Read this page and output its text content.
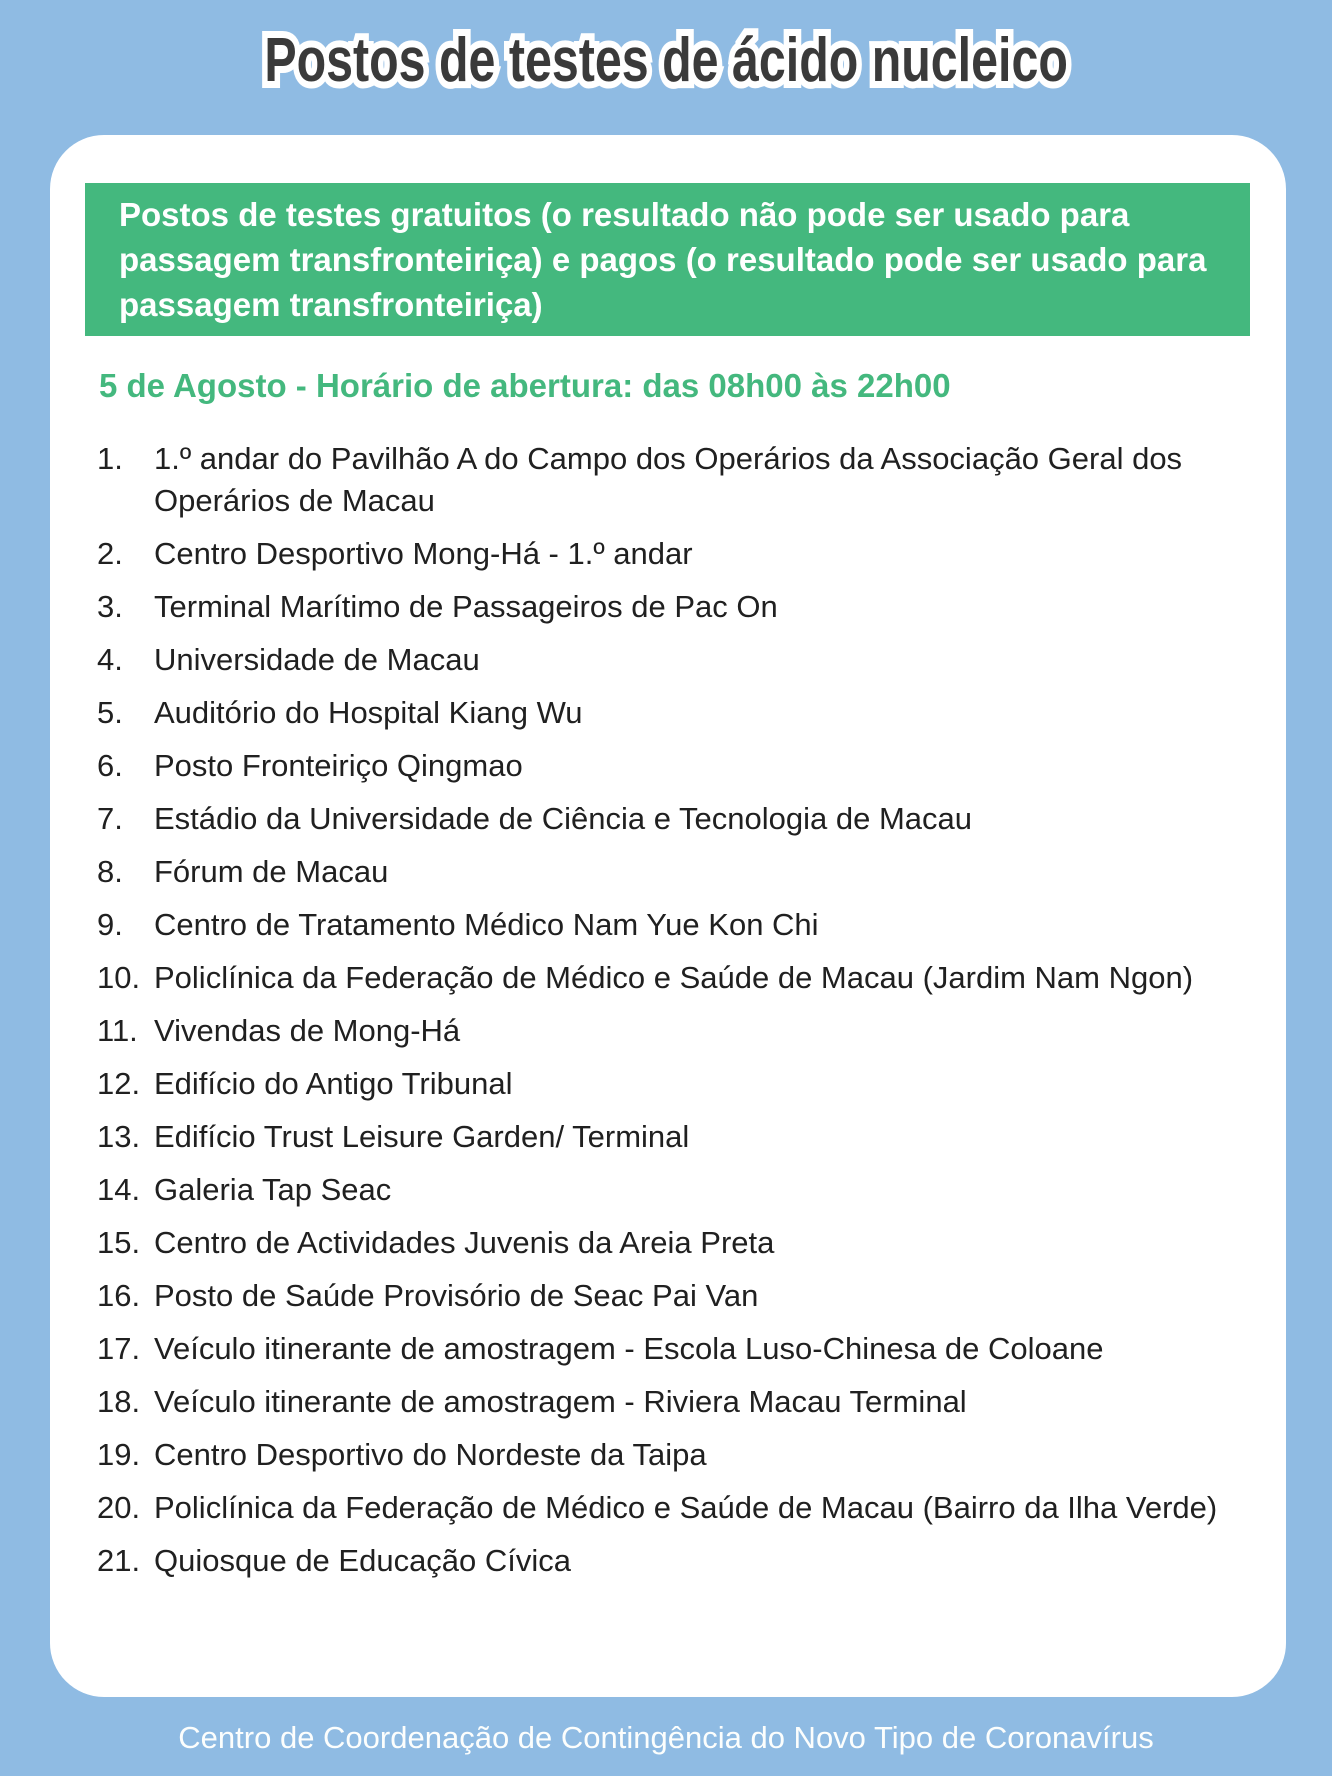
Postos de testes de ácido nucleico Postos de testes de ácido nucleico
Postos de testes gratuitos (o resultado não pode ser usado para passagem transfronteiriça) e pagos (o resultado pode ser usado para passagem transfronteiriça)
5 de Agosto - Horário de abertura: das 08h00 às 22h00
1.	1.º andar do Pavilhão A do Campo dos Operários da Associação Geral dos Operários de Macau
2.	Centro Desportivo Mong-Há - 1.º andar
3.	Terminal Marítimo de Passageiros de Pac On
4.	Universidade de Macau
5.	Auditório do Hospital Kiang Wu
6.	Posto Fronteiriço Qingmao
7.	Estádio da Universidade de Ciência e Tecnologia de Macau
8.	Fórum de Macau
9.	Centro de Tratamento Médico Nam Yue Kon Chi
10. Policlínica da Federação de Médico e Saúde de Macau (Jardim Nam Ngon)
11. Vivendas de Mong-Há
12. Edifício do Antigo Tribunal
13. Edifício Trust Leisure Garden/ Terminal
14. Galeria Tap Seac
15. Centro de Actividades Juvenis da Areia Preta
16. Posto de Saúde Provisório de Seac Pai Van
17. Veículo itinerante de amostragem - Escola Luso-Chinesa de Coloane
18. Veículo itinerante de amostragem - Riviera Macau Terminal
19. Centro Desportivo do Nordeste da Taipa
20. Policlínica da Federação de Médico e Saúde de Macau (Bairro da Ilha Verde)
21. Quiosque de Educação Cívica
Centro de Coordenação de Contingência do Novo Tipo de Coronavírus
